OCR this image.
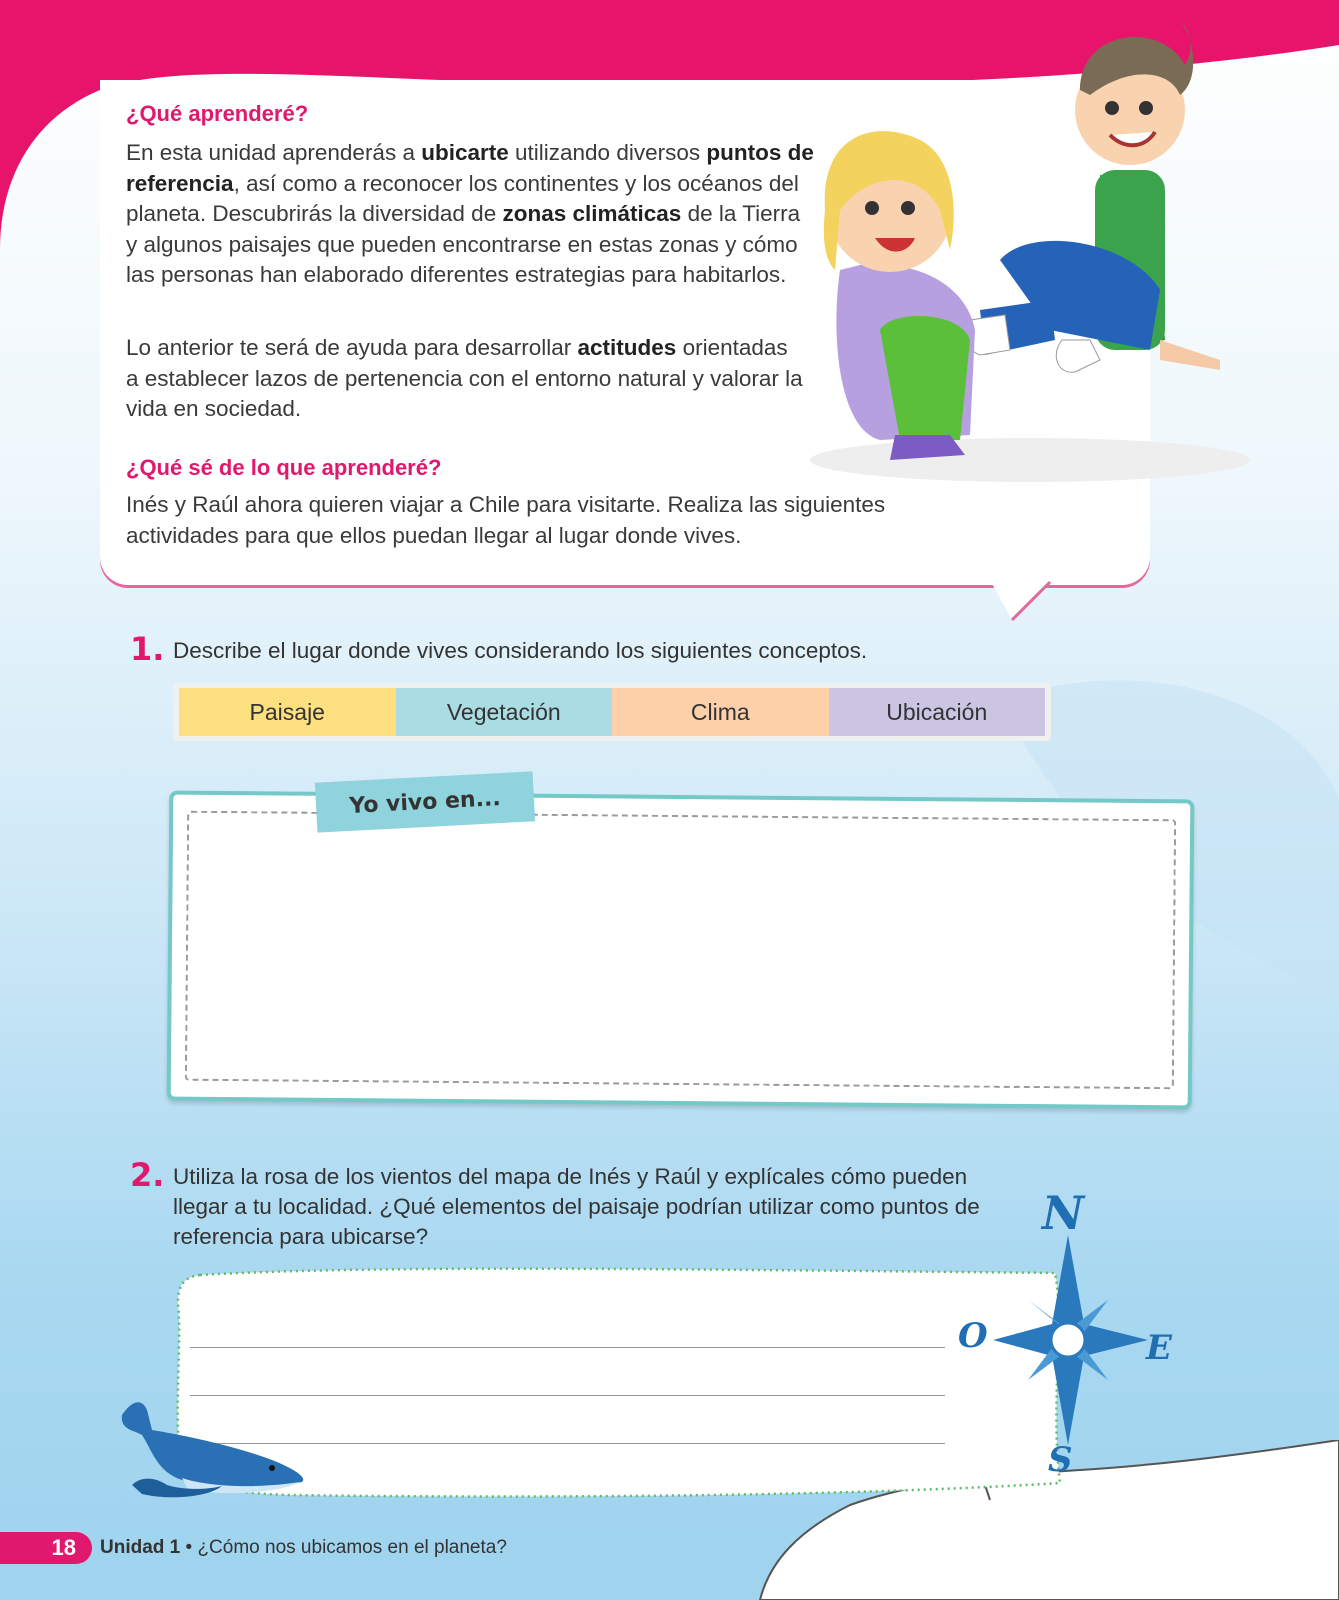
¿Qué aprenderé?

En esta unidad aprenderás a ubicarte utilizando diversos puntos de referencia, así como a reconocer los continentes y los océanos del planeta. Descubrirás la diversidad de zonas climáticas de la Tierra y algunos paisajes que pueden encontrarse en estas zonas y cómo las personas han elaborado diferentes estrategias para habitarlos.

Lo anterior te será de ayuda para desarrollar actitudes orientadas a establecer lazos de pertenencia con el entorno natural y valorar la vida en sociedad.

¿Qué sé de lo que aprenderé?

Inés y Raúl ahora quieren viajar a Chile para visitarte. Realiza las siguientes actividades para que ellos puedan llegar al lugar donde vives.

1. Describe el lugar donde vives considerando los siguientes conceptos.

Paisaje	Vegetación	Clima	Ubicación
Yo vivo en...
2. Utiliza la rosa de los vientos del mapa de Inés y Raúl y explícales cómo pueden llegar a tu localidad. ¿Qué elementos del paisaje podrían utilizar como puntos de referencia para ubicarse?	N
O	E
S
18	Unidad 1 • ¿Cómo nos ubicamos en el planeta?
